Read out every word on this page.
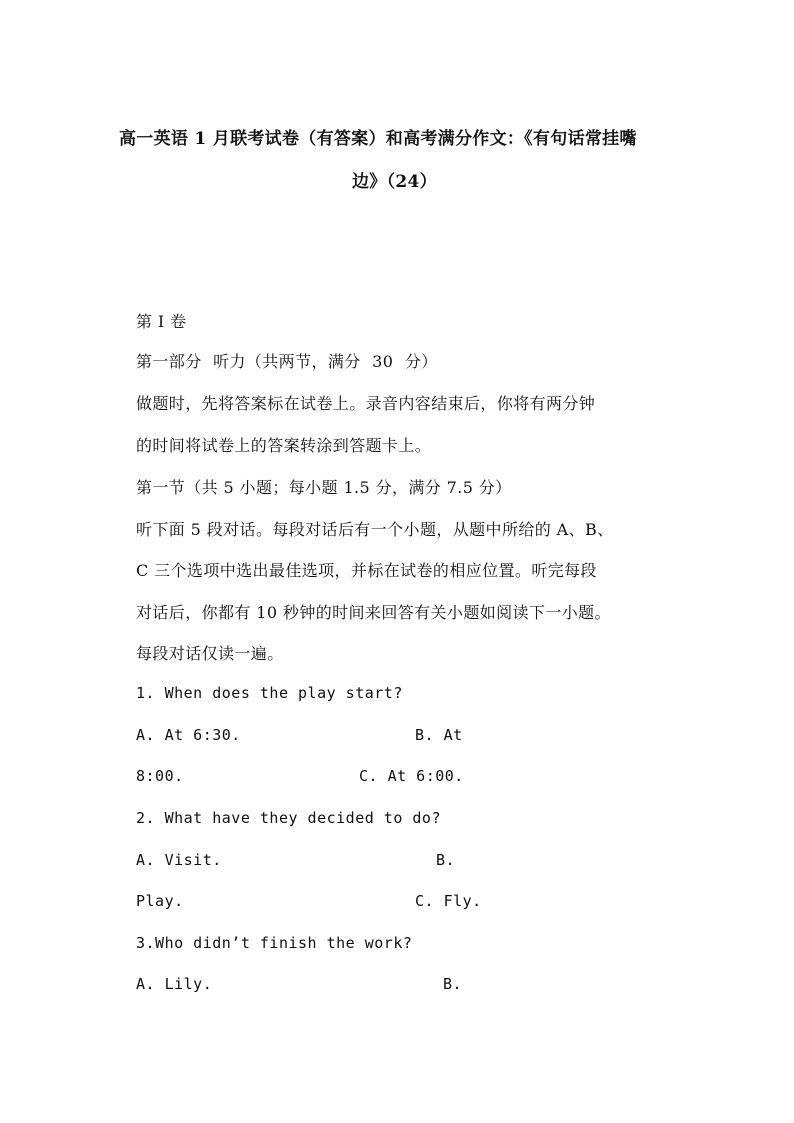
高一英语 1 月联考试卷（有答案）和高考满分作文：《有句话常挂嘴
边》（24）
第 I 卷
第一部分 听力（共两节，满分 30 分）
做题时，先将答案标在试卷上。录音内容结束后，你将有两分钟
的时间将试卷上的答案转涂到答题卡上。
第一节（共 5 小题；每小题 1.5 分，满分 7.5 分）
听下面 5 段对话。每段对话后有一个小题，从题中所给的 A、B、
C 三个选项中选出最佳选项，并标在试卷的相应位置。听完每段
对话后，你都有 10 秒钟的时间来回答有关小题如阅读下一小题。
每段对话仅读一遍。
1. When does the play start?
A. At 6:30.	B. At
8:00.	C. At 6:00.
2. What have they decided to do?
A. Visit.	B.
Play.	C. Fly.
3.Who didn’t finish the work?
A. Lily.	B.
